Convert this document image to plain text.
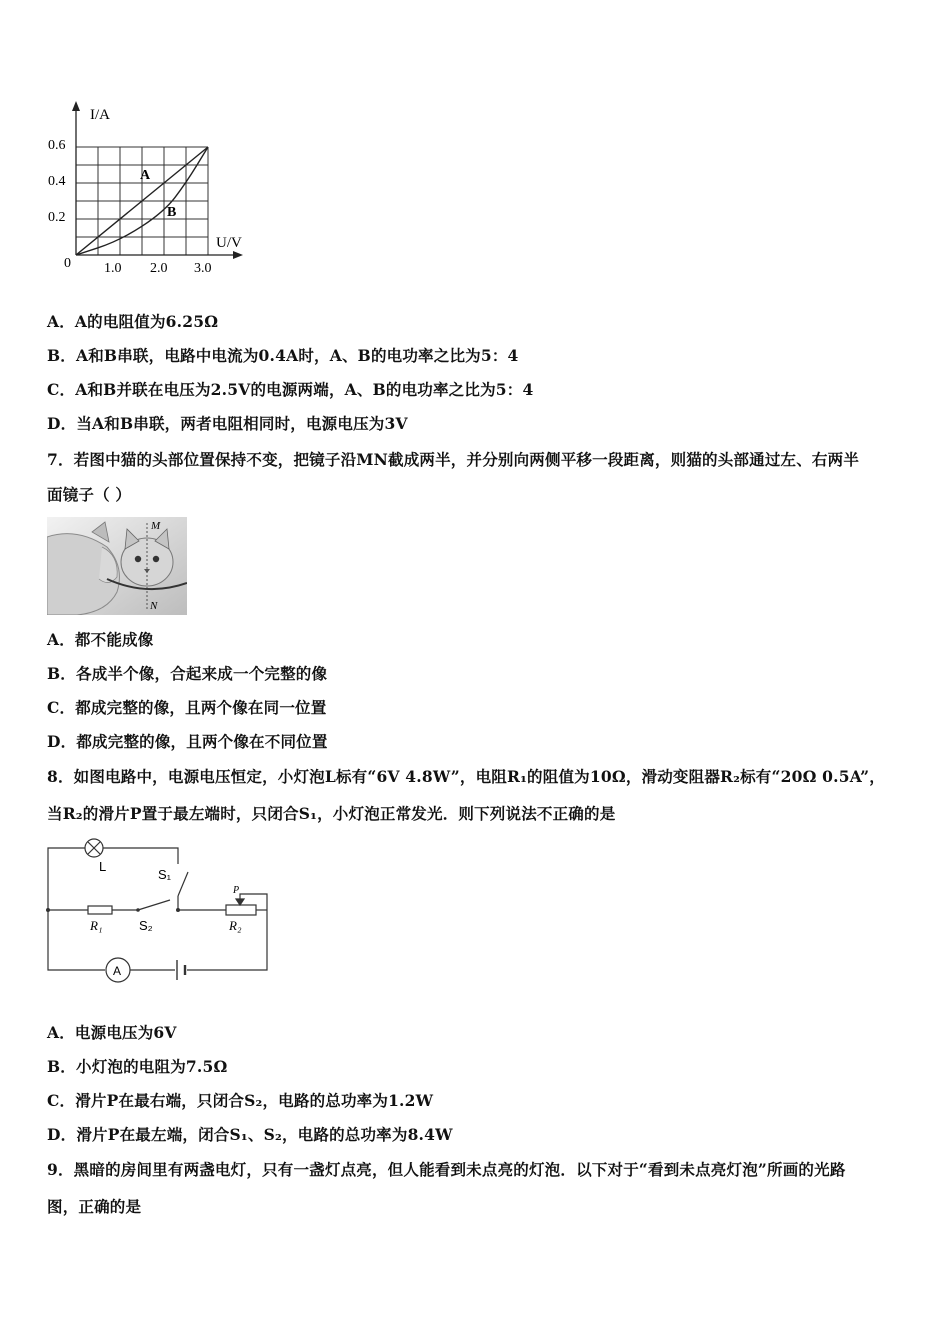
I/A
U/V
0
0.6
0.4
0.2
1.0 2.0 3.0
A
B
A．A的电阻值为6.25Ω
B．A和B串联，电路中电流为0.4A时，A、B的电功率之比为5：4
C．A和B并联在电压为2.5V的电源两端，A、B的电功率之比为5：4
D．当A和B串联，两者电阻相同时，电源电压为3V
7．若图中猫的头部位置保持不变，把镜子沿MN截成两半，并分别向两侧平移一段距离，则猫的头部通过左、右两半
面镜子（ ）
M
N
A．都不能成像
B．各成半个像，合起来成一个完整的像
C．都成完整的像，且两个像在同一位置
D．都成完整的像，且两个像在不同位置
8．如图电路中，电源电压恒定，小灯泡L标有“6V 4.8W”，电阻R₁的阻值为10Ω，滑动变阻器R₂标有“20Ω 0.5A”，
当R₂的滑片P置于最左端时，只闭合S₁，小灯泡正常发光．则下列说法不正确的是
L
S₁
R₁	S₂	R₂
P
A
A．电源电压为6V
B．小灯泡的电阻为7.5Ω
C．滑片P在最右端，只闭合S₂，电路的总功率为1.2W
D．滑片P在最左端，闭合S₁、S₂，电路的总功率为8.4W
9．黑暗的房间里有两盏电灯，只有一盏灯点亮，但人能看到未点亮的灯泡．以下对于“看到未点亮灯泡”所画的光路
图，正确的是
